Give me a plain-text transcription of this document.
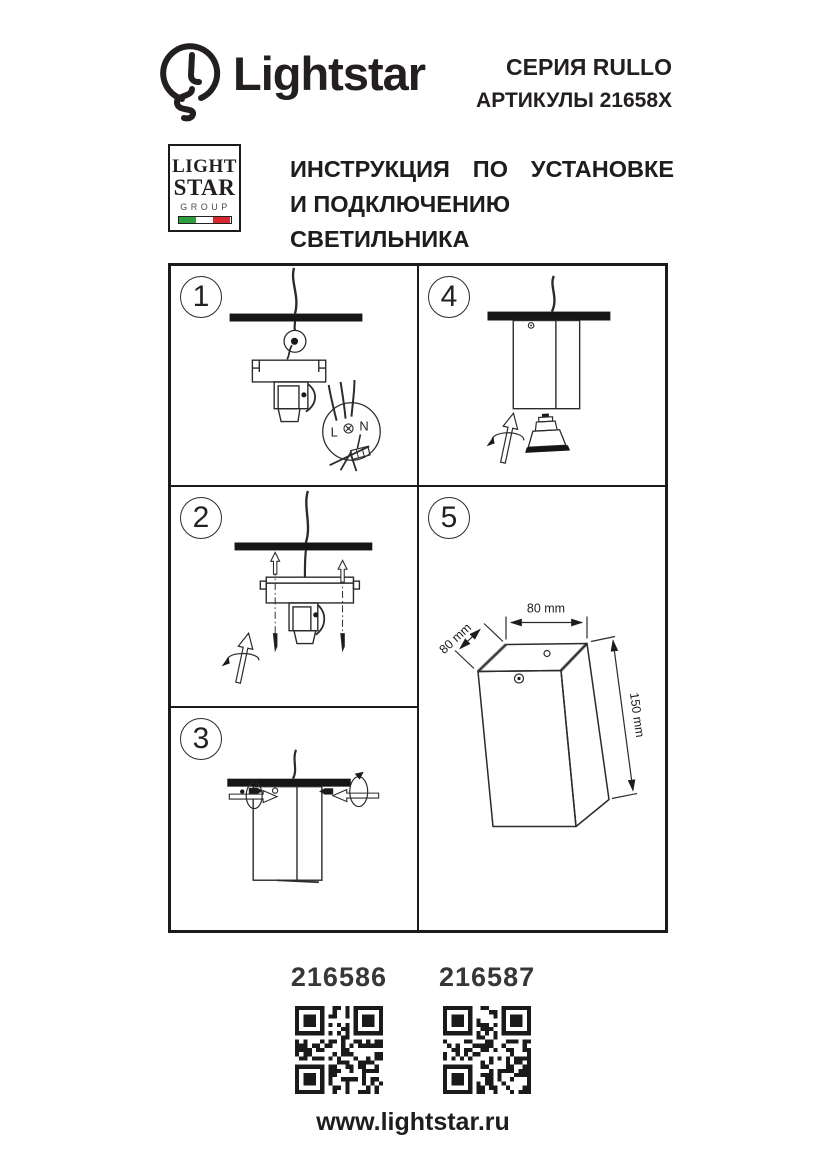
Lightstar	СЕРИЯ RULLO
АРТИКУЛЫ 21658X
LIGHT
STAR
GROUP
ИНСТРУКЦИЯ ПО УСТАНОВКЕ
И ПОДКЛЮЧЕНИЮ СВЕТИЛЬНИКА
1
L N
2
3
4
5
80 mm
80 mm
150 mm
216586 216587
www.lightstar.ru
